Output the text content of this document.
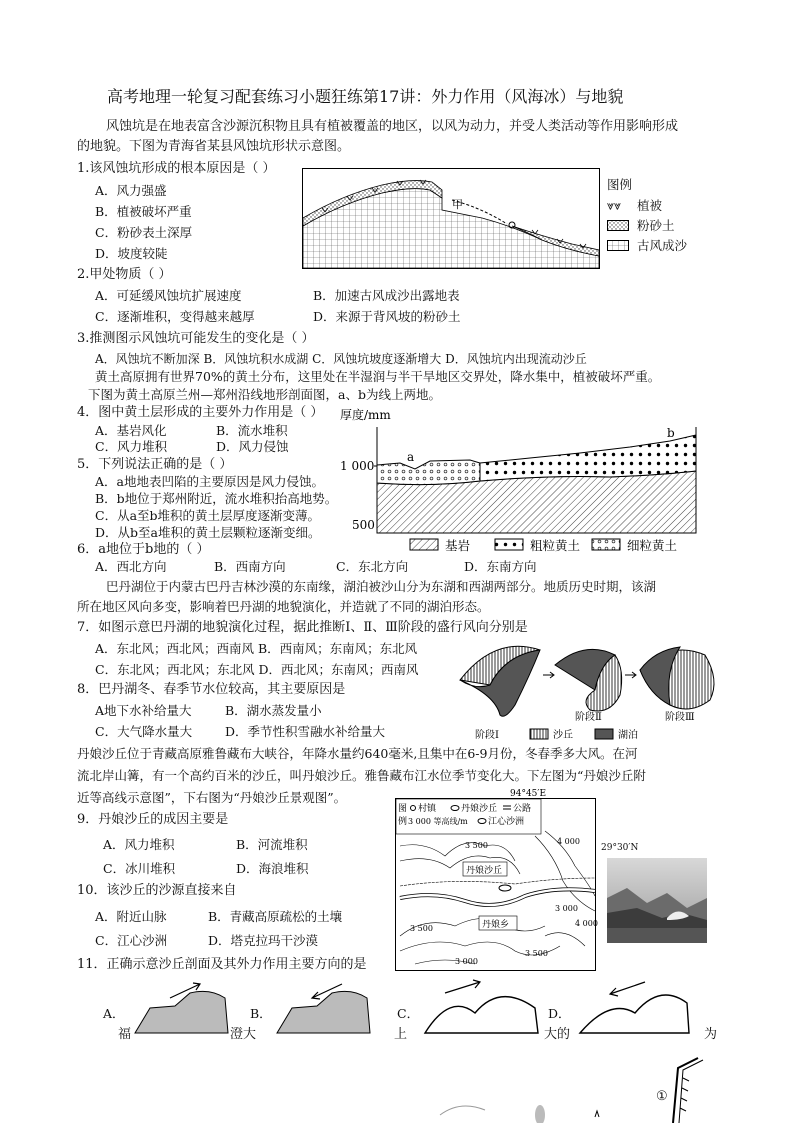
高考地理一轮复习配套练习小题狂练第17讲：外力作用（风海冰）与地貌
风蚀坑是在地表富含沙源沉积物且具有植被覆盖的地区，以风为动力，并受人类活动等作用影响形成
的地貌。下图为青海省某县风蚀坑形状示意图。
1.该风蚀坑形成的根本原因是（ ）
A．风力强盛
B．植被破坏严重
C．粉砂表土深厚
D．坡度较陡
甲
图例
⩔⩔ 植被
粉砂土
古风成沙
2.甲处物质（ ）
A．可延缓风蚀坑扩展速度	B．加速古风成沙出露地表
C．逐渐堆积，变得越来越厚	D．来源于背风坡的粉砂土
3.推测图示风蚀坑可能发生的变化是（ ）
A．风蚀坑不断加深 B．风蚀坑积水成湖 C．风蚀坑坡度逐渐增大 D．风蚀坑内出现流动沙丘
黄土高原拥有世界70%的黄土分布，这里处在半湿润与半干旱地区交界处，降水集中，植被破坏严重。
下图为黄土高原兰州—郑州沿线地形剖面图，a、b为线上两地。
4．图中黄土层形成的主要外力作用是（ ）
A．基岩风化	B．流水堆积
C．风力堆积	D．风力侵蚀
5．下列说法正确的是（ ）
A．a地地表凹陷的主要原因是风力侵蚀。
B．b地位于郑州附近，流水堆积抬高地势。
C．从a至b堆积的黄土层厚度逐渐变薄。
D．从b至a堆积的黄土层颗粒逐渐变细。
厚度/mm
1 000
500
a
b
基岩	粗粒黄土	细粒黄土
6．a地位于b地的（ ）
A．西北方向	B．西南方向	C．东北方向	D．东南方向
巴丹湖位于内蒙古巴丹吉林沙漠的东南缘，湖泊被沙山分为东湖和西湖两部分。地质历史时期，该湖
所在地区风向多变，影响着巴丹湖的地貌演化，并造就了不同的湖泊形态。
7．如图示意巴丹湖的地貌演化过程，据此推断Ⅰ、Ⅱ、Ⅲ阶段的盛行风向分别是
A．东北风；西北风；西南风 B．西南风；东南风；东北风
C．东北风；西北风；东北风 D．西北风；东南风；西南风
阶段Ⅰ	沙丘	湖泊
阶段Ⅱ	阶段Ⅲ
8．巴丹湖冬、春季节水位较高，其主要原因是
A地下水补给量大	B．湖水蒸发量小
C．大气降水量大	D．季节性积雪融水补给量大
丹娘沙丘位于青藏高原雅鲁藏布大峡谷，年降水量约640毫米,且集中在6-9月份，冬春季多大风。在河
流北岸山篝，有一个高约百米的沙丘，叫丹娘沙丘。雅鲁藏布江水位季节变化大。下左图为“丹娘沙丘附
近等高线示意图”，下右图为“丹娘沙丘景观图”。
9．丹娘沙丘的成因主要是
A．风力堆积	B．河流堆积
C．冰川堆积	D．海浪堆积
10．该沙丘的沙源直接来自
A．附近山脉	B．青藏高原疏松的土壤
C．江心沙洲	D．塔克拉玛干沙漠
94°45′E
图
例
村镇	丹娘沙丘 公路
3 000 等高线/m 江心沙洲
丹娘沙丘
丹娘乡
3 500	4 000
4 000
3 500
3 500
3 000
3 000
29°30′N
11．正确示意沙丘剖面及其外力作用主要方向的是
A．	B．	C．	D．
福	澄大	上	大的	为
①
